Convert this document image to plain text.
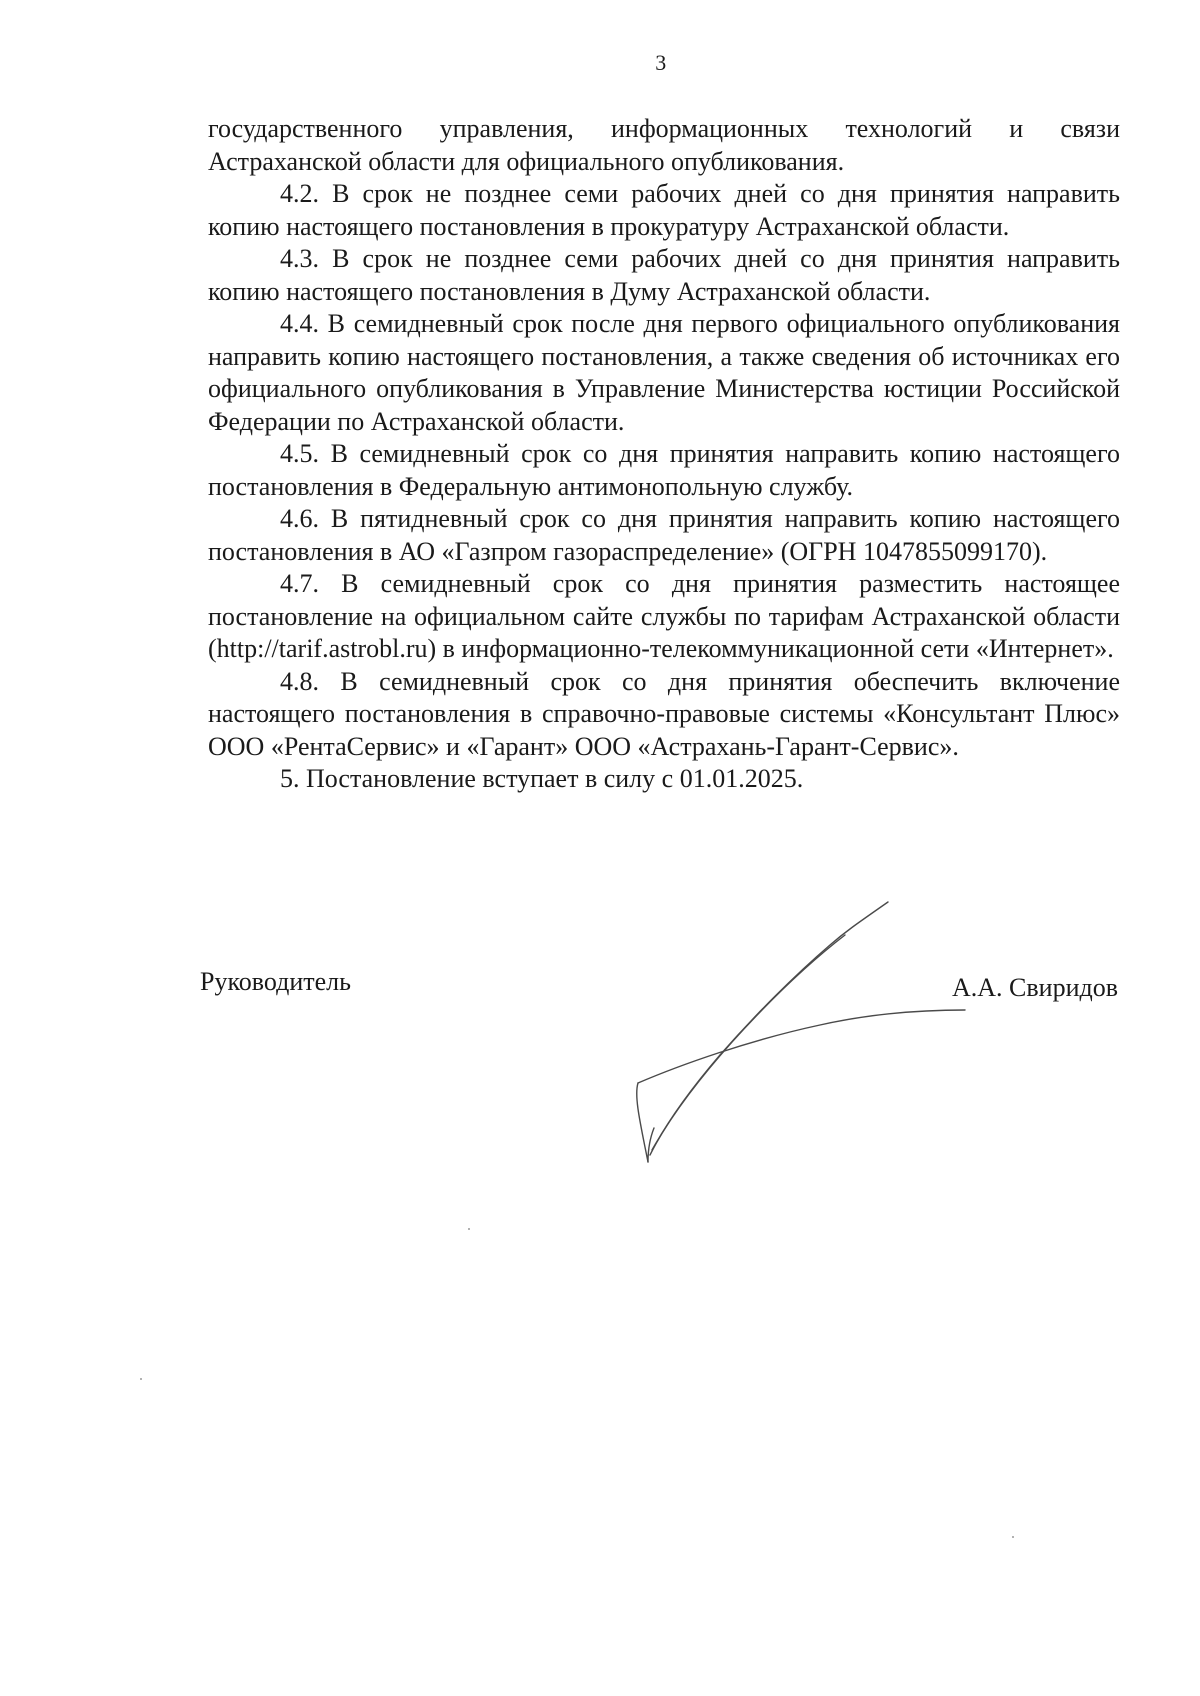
3

государственного управления, информационных технологий и связи Астраханской области для официального опубликования.

4.2. В срок не позднее семи рабочих дней со дня принятия направить копию настоящего постановления в прокуратуру Астраханской области.

4.3. В срок не позднее семи рабочих дней со дня принятия направить копию настоящего постановления в Думу Астраханской области.

4.4. В семидневный срок после дня первого официального опубликования направить копию настоящего постановления, а также сведения об источниках его официального опубликования в Управление Министерства юстиции Российской Федерации по Астраханской области.

4.5. В семидневный срок со дня принятия направить копию настоящего постановления в Федеральную антимонопольную службу.

4.6. В пятидневный срок со дня принятия направить копию настоящего постановления в АО «Газпром газораспределение» (ОГРН 1047855099170).

4.7. В семидневный срок со дня принятия разместить настоящее постановление на официальном сайте службы по тарифам Астраханской области (http://tarif.astrobl.ru) в информационно-телекоммуникационной сети «Интернет».

4.8. В семидневный срок со дня принятия обеспечить включение настоящего постановления в справочно-правовые системы «Консультант Плюс» ООО «РентаСервис» и «Гарант» ООО «Астрахань-Гарант-Сервис».

5. Постановление вступает в силу с 01.01.2025.

Руководитель	А.А. Свиридов
